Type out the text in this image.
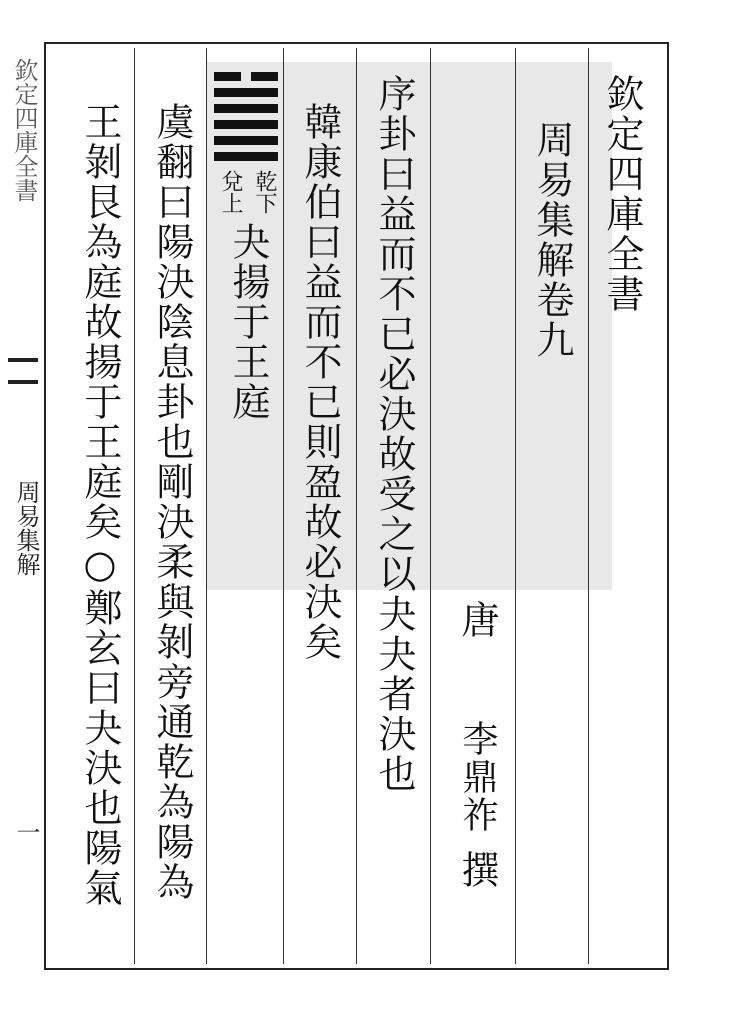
欽定四庫全書
周易集解
一
欽定四庫全書
周易集解卷九
唐
李鼎祚
撰
序卦曰益而不已必決故受之以夬夬者決也
韓康伯曰益而不已則盈故必決矣
乾下
兌上
夬揚于王庭
虞翻曰陽決陰息卦也剛決柔與剝旁通乾為陽為
王剝艮為庭故揚于王庭矣○鄭玄曰夬決也陽氣
